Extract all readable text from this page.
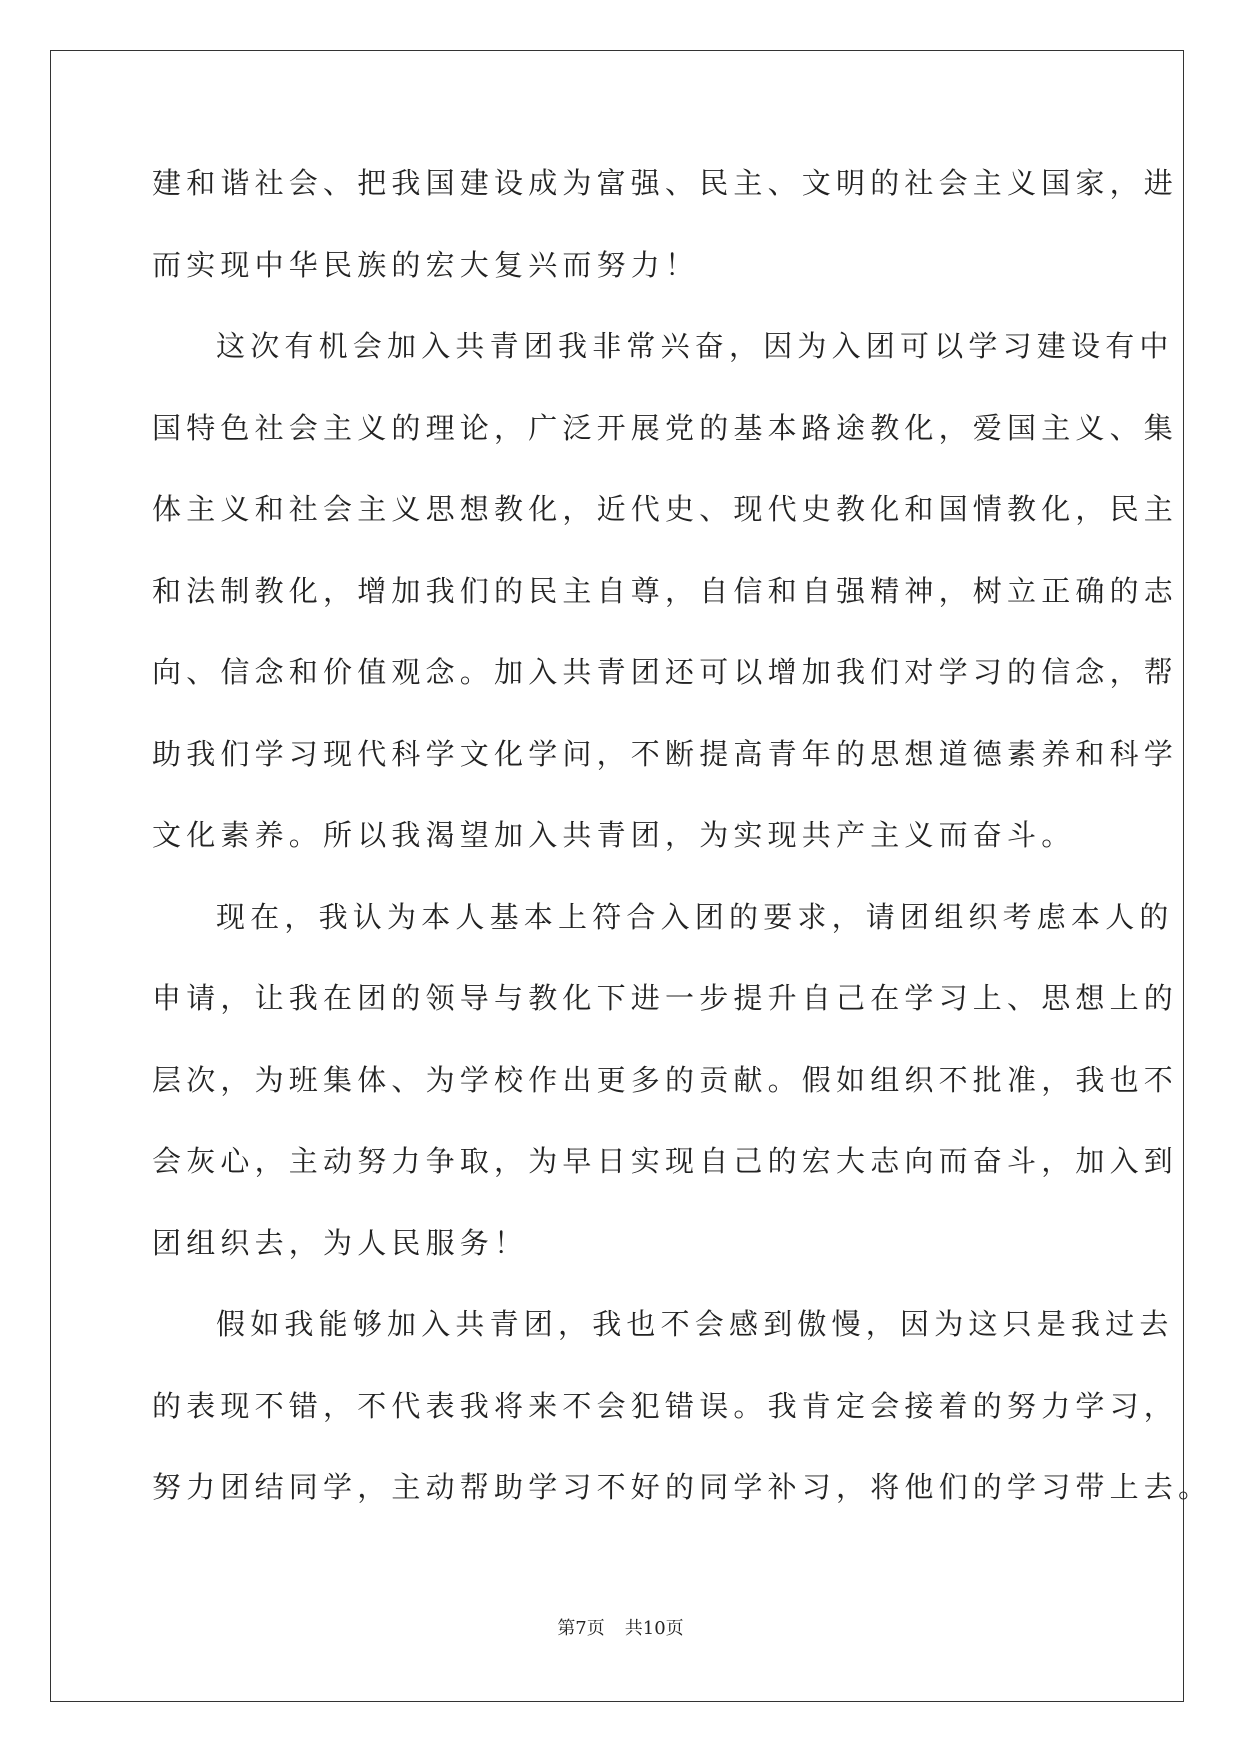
建和谐社会、把我国建设成为富强、民主、文明的社会主义国家，进
而实现中华民族的宏大复兴而努力！
这次有机会加入共青团我非常兴奋，因为入团可以学习建设有中
国特色社会主义的理论，广泛开展党的基本路途教化，爱国主义、集
体主义和社会主义思想教化，近代史、现代史教化和国情教化，民主
和法制教化，增加我们的民主自尊，自信和自强精神，树立正确的志
向、信念和价值观念。加入共青团还可以增加我们对学习的信念，帮
助我们学习现代科学文化学问，不断提高青年的思想道德素养和科学
文化素养。所以我渴望加入共青团，为实现共产主义而奋斗。
现在，我认为本人基本上符合入团的要求，请团组织考虑本人的
申请，让我在团的领导与教化下进一步提升自己在学习上、思想上的
层次，为班集体、为学校作出更多的贡献。假如组织不批准，我也不
会灰心，主动努力争取，为早日实现自己的宏大志向而奋斗，加入到
团组织去，为人民服务！
假如我能够加入共青团，我也不会感到傲慢，因为这只是我过去
的表现不错，不代表我将来不会犯错误。我肯定会接着的努力学习，
努力团结同学，主动帮助学习不好的同学补习，将他们的学习带上去。
第7页 共10页
